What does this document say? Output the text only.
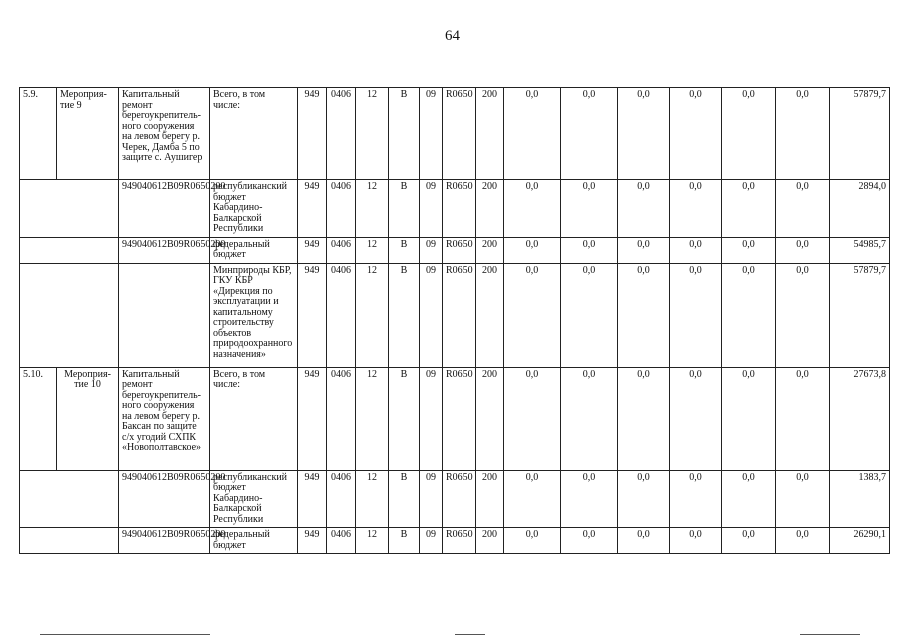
64
5.9.	Мероприя-тие 9	Капитальный ремонт берегоукрепитель-ного сооружения на левом берегу р. Черек, Дамба 5 по защите с. Аушигер	Всего, в том числе:	949	0406	12	В	09	R0650	200	0,0	0,0	0,0	0,0	0,0	0,0	57879,7
		949040612B09R0650200	республиканский бюджет Кабардино-Балкарской Республики	949	0406	12	В	09	R0650	200	0,0	0,0	0,0	0,0	0,0	0,0	2894,0
		949040612B09R0650200	федеральный бюджет	949	0406	12	В	09	R0650	200	0,0	0,0	0,0	0,0	0,0	0,0	54985,7
			Минприроды КБР, ГКУ КБР «Дирекция по эксплуатации и капитальному строительству объектов природоохранного назначения»	949	0406	12	В	09	R0650	200	0,0	0,0	0,0	0,0	0,0	0,0	57879,7
5.10.	Мероприя-тие 10	Капитальный ремонт берегоукрепитель-ного сооружения на левом берегу р. Баксан по защите с/х угодий СХПК «Новополтавское»	Всего, в том числе:	949	0406	12	В	09	R0650	200	0,0	0,0	0,0	0,0	0,0	0,0	27673,8
		949040612B09R0650200	республиканский бюджет Кабардино-Балкарской Республики	949	0406	12	В	09	R0650	200	0,0	0,0	0,0	0,0	0,0	0,0	1383,7
		949040612B09R0650200	федеральный бюджет	949	0406	12	В	09	R0650	200	0,0	0,0	0,0	0,0	0,0	0,0	26290,1
